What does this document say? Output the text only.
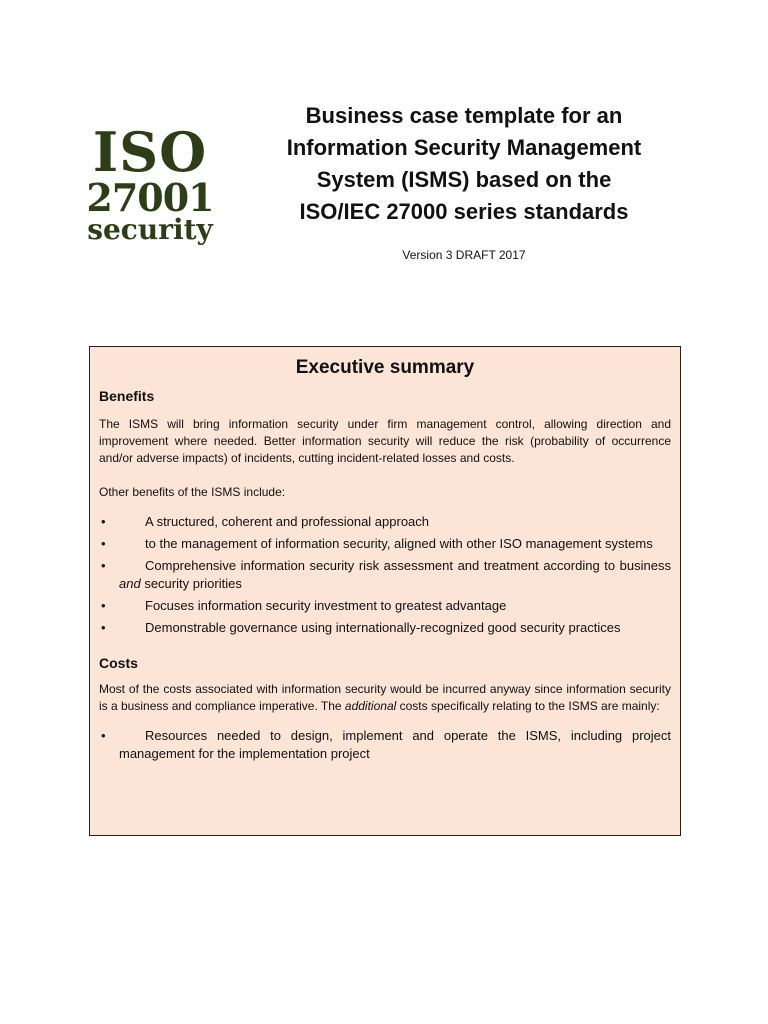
ISO
27001
security
Business case template for an
Information Security Management
System (ISMS) based on the
ISO/IEC 27000 series standards
Version 3 DRAFT 2017
Executive summary
Benefits
The ISMS will bring information security under firm management control, allowing direction and improvement where needed. Better information security will reduce the risk (probability of occurrence and/or adverse impacts) of incidents, cutting incident-related losses and costs.
Other benefits of the ISMS include:
•	A structured, coherent and professional approach
•	to the management of information security, aligned with other ISO management systems
•	Comprehensive information security risk assessment and treatment according to business and security priorities
•	Focuses information security investment to greatest advantage
•	Demonstrable governance using internationally-recognized good security practices
Costs
Most of the costs associated with information security would be incurred anyway since information security is a business and compliance imperative. The additional costs specifically relating to the ISMS are mainly:
•	Resources needed to design, implement and operate the ISMS, including project management for the implementation project
